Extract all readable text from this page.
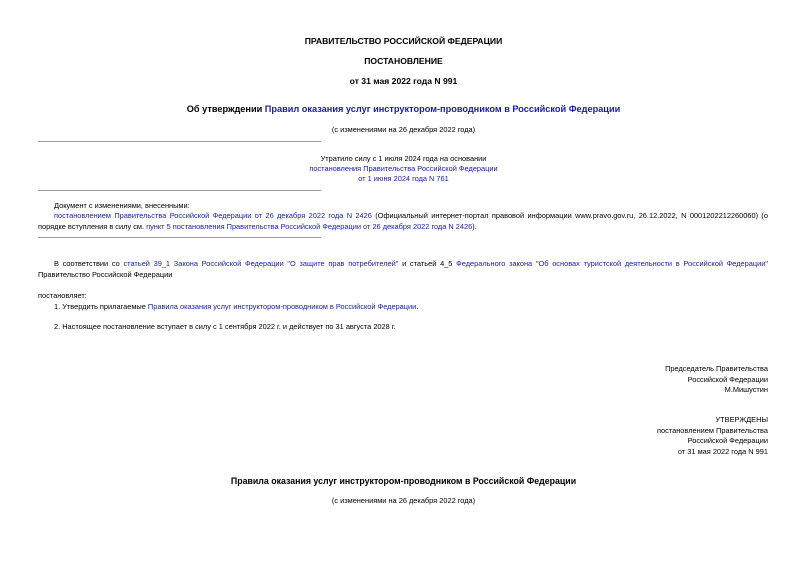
ПРАВИТЕЛЬСТВО РОССИЙСКОЙ ФЕДЕРАЦИИ
ПОСТАНОВЛЕНИЕ
от 31 мая 2022 года N 991
Об утверждении Правил оказания услуг инструктором-проводником в Российской Федерации
(с изменениями на 26 декабря 2022 года)
Утратило силу с 1 июля 2024 года на основании
постановления Правительства Российской Федерации
от 1 июня 2024 года N 761
Документ с изменениями, внесенными:
постановлением Правительства Российской Федерации от 26 декабря 2022 года N 2426 (Официальный интернет-портал правовой информации www.pravo.gov.ru, 26.12.2022, N 0001202212260060) (о порядке вступления в силу см. пункт 5 постановления Правительства Российской Федерации от 26 декабря 2022 года N 2426).
В соответствии со статьей 39_1 Закона Российской Федерации "О защите прав потребителей" и статьей 4_5 Федерального закона "Об основах туристской деятельности в Российской Федерации" Правительство Российской Федерации
постановляет:
1. Утвердить прилагаемые Правила оказания услуг инструктором-проводником в Российской Федерации.
2. Настоящее постановление вступает в силу с 1 сентября 2022 г. и действует по 31 августа 2028 г.
Председатель Правительства
Российской Федерации
М.Мишустин
УТВЕРЖДЕНЫ
постановлением Правительства
Российской Федерации
от 31 мая 2022 года N 991
Правила оказания услуг инструктором-проводником в Российской Федерации
(с изменениями на 26 декабря 2022 года)
